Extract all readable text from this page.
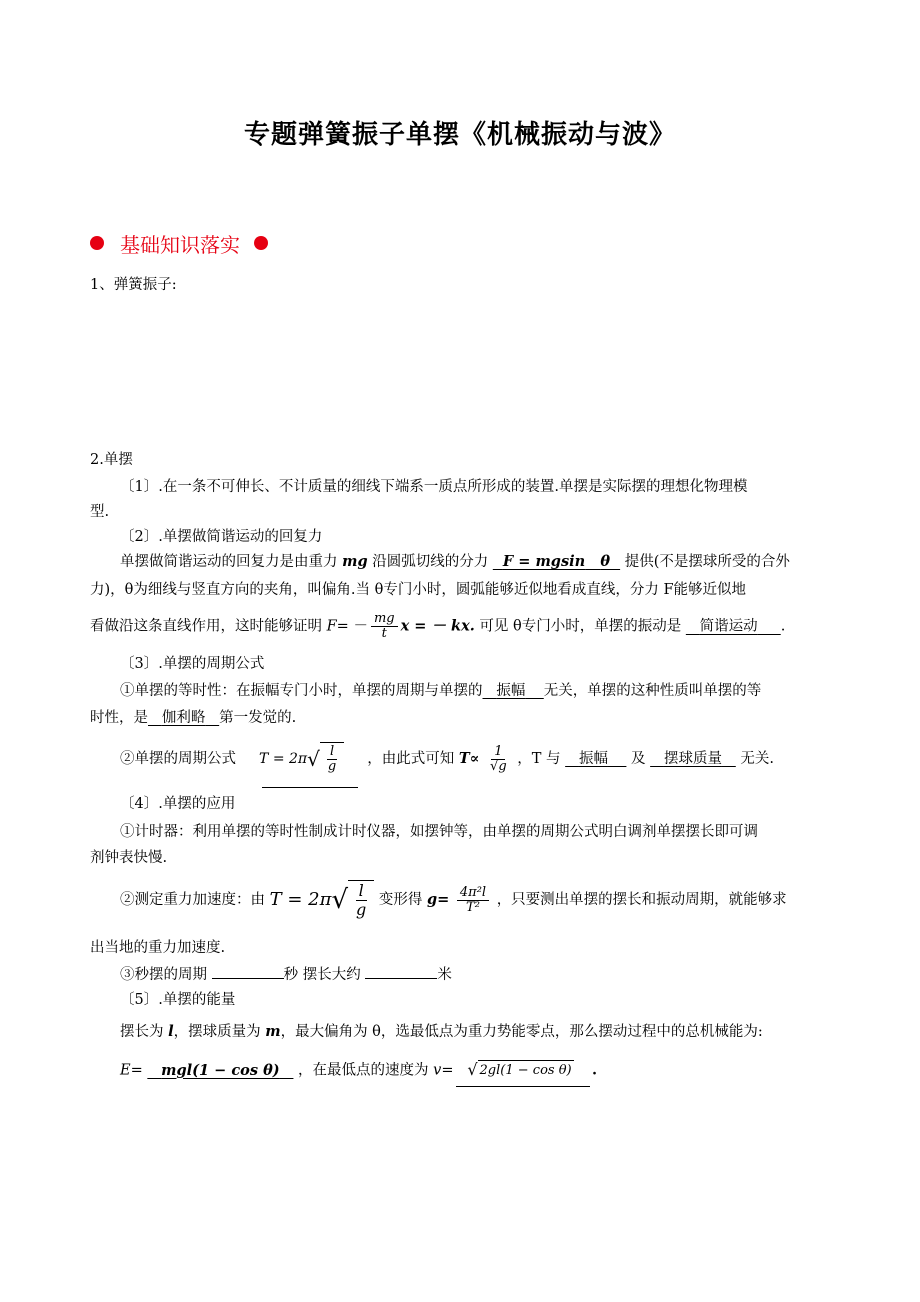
专题弹簧振子单摆《机械振动与波》
基础知识落实
1、弹簧振子:
2.单摆
〔1〕.在一条不可伸长、不计质量的细线下端系一质点所形成的装置.单摆是实际摆的理想化物理模
型.
〔2〕.单摆做简谐运动的回复力
单摆做简谐运动的回复力是由重力 mg 沿圆弧切线的分力 F = mgsin θ 提供(不是摆球所受的合外
力)，θ为细线与竖直方向的夹角，叫偏角.当 θ专门小时，圆弧能够近似地看成直线，分力 F能够近似地
看做沿这条直线作用，这时能够证明 $F= - \frac{mg}{t}$ x = － kx. 可见 θ专门小时，单摆的振动是 简谐运动 .
〔3〕.单摆的周期公式
①单摆的等时性：在振幅专门小时，单摆的周期与单摆的 振幅 无关，单摆的这种性质叫单摆的等
时性，是 伽利略 第一发觉的.
②单摆的周期公式 T = 2π √ $\frac{l}{g}$ ，由此式可知 $T\propto \frac{1}{√g}$ ，T 与 振幅 及 摆球质量 无关.
〔4〕.单摆的应用
①计时器：利用单摆的等时性制成计时仪器，如摆钟等，由单摆的周期公式明白调剂单摆摆长即可调
剂钟表快慢.
②测定重力加速度：由 T = 2π √ $\frac{l}{g}$ 变形得 $g= \frac{\text{4π²l}}{\text{T²}}$ ，只要测出单摆的摆长和振动周期，就能够求
出当地的重力加速度.
③秒摆的周期	秒 摆长大约	米
〔5〕.单摆的能量
摆长为 l，摆球质量为 m，最大偏角为 θ，选最低点为重力势能零点，那么摆动过程中的总机械能为:
E= mgl(1 − cos θ) ，在最低点的速度为 v= √ 2gl(1 − cos θ) .
